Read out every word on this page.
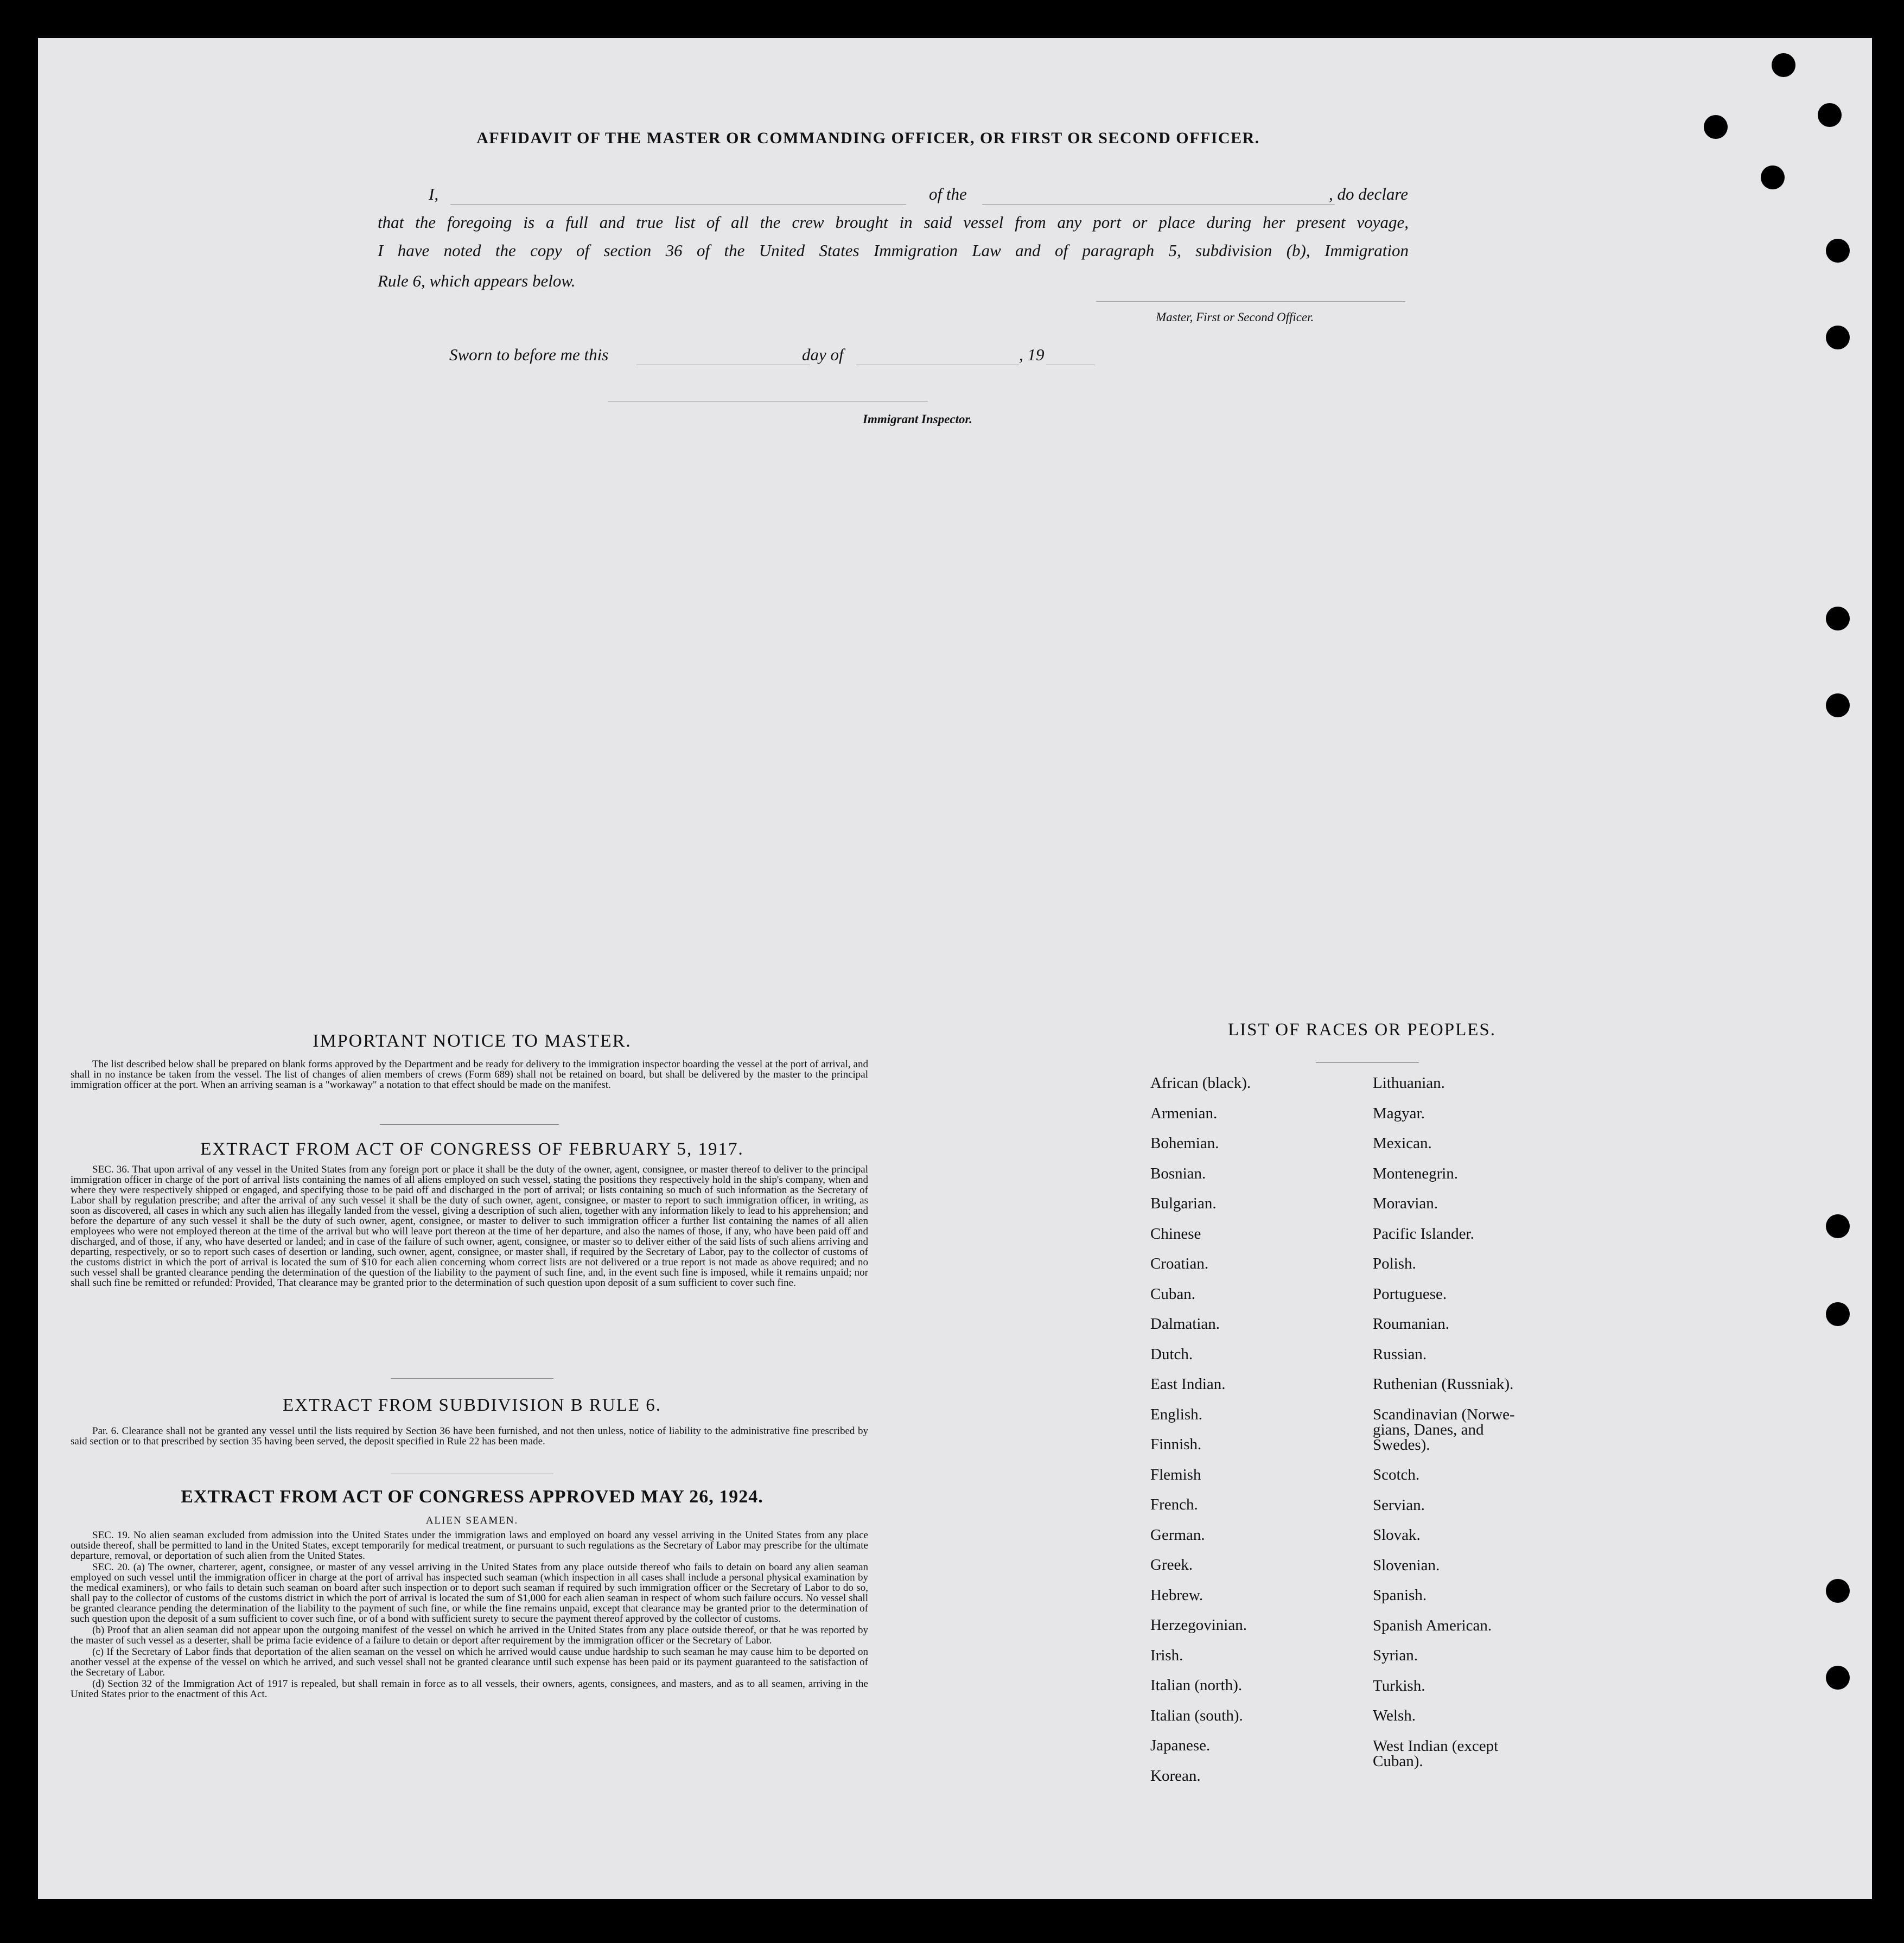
AFFIDAVIT OF THE MASTER OR COMMANDING OFFICER, OR FIRST OR SECOND OFFICER.
I,	of the	, do declare
that the foregoing is a full and true list of all the crew brought in said vessel from any port or place during her present voyage,
I have noted the copy of section 36 of the United States Immigration Law and of paragraph 5, subdivision (b), Immigration
Rule 6, which appears below.
Master, First or Second Officer.
Sworn to before me this	day of	, 19
Immigrant Inspector.
IMPORTANT NOTICE TO MASTER.

The list described below shall be prepared on blank forms approved by the Department and be ready for delivery to the immigration inspector boarding the vessel at the port of arrival, and shall in no instance be taken from the vessel. The list of changes of alien members of crews (Form 689) shall not be retained on board, but shall be delivered by the master to the principal immigration officer at the port. When an arriving seaman is a "workaway" a notation to that effect should be made on the manifest.

EXTRACT FROM ACT OF CONGRESS OF FEBRUARY 5, 1917.

SEC. 36. That upon arrival of any vessel in the United States from any foreign port or place it shall be the duty of the owner, agent, consignee, or master thereof to deliver to the principal immigration officer in charge of the port of arrival lists containing the names of all aliens employed on such vessel, stating the positions they respectively hold in the ship's company, when and where they were respectively shipped or engaged, and specifying those to be paid off and discharged in the port of arrival; or lists containing so much of such information as the Secretary of Labor shall by regulation prescribe; and after the arrival of any such vessel it shall be the duty of such owner, agent, consignee, or master to report to such immigration officer, in writing, as soon as discovered, all cases in which any such alien has illegally landed from the vessel, giving a description of such alien, together with any information likely to lead to his apprehension; and before the departure of any such vessel it shall be the duty of such owner, agent, consignee, or master to deliver to such immigration officer a further list containing the names of all alien employees who were not employed thereon at the time of the arrival but who will leave port thereon at the time of her departure, and also the names of those, if any, who have been paid off and discharged, and of those, if any, who have deserted or landed; and in case of the failure of such owner, agent, consignee, or master so to deliver either of the said lists of such aliens arriving and departing, respectively, or so to report such cases of desertion or landing, such owner, agent, consignee, or master shall, if required by the Secretary of Labor, pay to the collector of customs of the customs district in which the port of arrival is located the sum of $10 for each alien concerning whom correct lists are not delivered or a true report is not made as above required; and no such vessel shall be granted clearance pending the determination of the question of the liability to the payment of such fine, and, in the event such fine is imposed, while it remains unpaid; nor shall such fine be remitted or refunded: Provided, That clearance may be granted prior to the determination of such question upon deposit of a sum sufficient to cover such fine.

EXTRACT FROM SUBDIVISION B RULE 6.

Par. 6. Clearance shall not be granted any vessel until the lists required by Section 36 have been furnished, and not then unless, notice of liability to the administrative fine prescribed by said section or to that prescribed by section 35 having been served, the deposit specified in Rule 22 has been made.

EXTRACT FROM ACT OF CONGRESS APPROVED MAY 26, 1924.
ALIEN SEAMEN.

SEC. 19. No alien seaman excluded from admission into the United States under the immigration laws and employed on board any vessel arriving in the United States from any place outside thereof, shall be permitted to land in the United States, except temporarily for medical treatment, or pursuant to such regulations as the Secretary of Labor may prescribe for the ultimate departure, removal, or deportation of such alien from the United States.

SEC. 20. (a) The owner, charterer, agent, consignee, or master of any vessel arriving in the United States from any place outside thereof who fails to detain on board any alien seaman employed on such vessel until the immigration officer in charge at the port of arrival has inspected such seaman (which inspection in all cases shall include a personal physical examination by the medical examiners), or who fails to detain such seaman on board after such inspection or to deport such seaman if required by such immigration officer or the Secretary of Labor to do so, shall pay to the collector of customs of the customs district in which the port of arrival is located the sum of $1,000 for each alien seaman in respect of whom such failure occurs. No vessel shall be granted clearance pending the determination of the liability to the payment of such fine, or while the fine remains unpaid, except that clearance may be granted prior to the determination of such question upon the deposit of a sum sufficient to cover such fine, or of a bond with sufficient surety to secure the payment thereof approved by the collector of customs.

(b) Proof that an alien seaman did not appear upon the outgoing manifest of the vessel on which he arrived in the United States from any place outside thereof, or that he was reported by the master of such vessel as a deserter, shall be prima facie evidence of a failure to detain or deport after requirement by the immigration officer or the Secretary of Labor.

(c) If the Secretary of Labor finds that deportation of the alien seaman on the vessel on which he arrived would cause undue hardship to such seaman he may cause him to be deported on another vessel at the expense of the vessel on which he arrived, and such vessel shall not be granted clearance until such expense has been paid or its payment guaranteed to the satisfaction of the Secretary of Labor.

(d) Section 32 of the Immigration Act of 1917 is repealed, but shall remain in force as to all vessels, their owners, agents, consignees, and masters, and as to all seamen, arriving in the United States prior to the enactment of this Act.

LIST OF RACES OR PEOPLES.
African (black).
Armenian.
Bohemian.
Bosnian.
Bulgarian.
Chinese
Croatian.
Cuban.
Dalmatian.
Dutch.
East Indian.
English.
Finnish.
Flemish
French.
German.
Greek.
Hebrew.
Herzegovinian.
Irish.
Italian (north).
Italian (south).
Japanese.
Korean.
Lithuanian.
Magyar.
Mexican.
Montenegrin.
Moravian.
Pacific Islander.
Polish.
Portuguese.
Roumanian.
Russian.
Ruthenian (Russniak).
Scandinavian (Norwe-
gians, Danes, and
Swedes).
Scotch.
Servian.
Slovak.
Slovenian.
Spanish.
Spanish American.
Syrian.
Turkish.
Welsh.
West Indian (except
Cuban).
